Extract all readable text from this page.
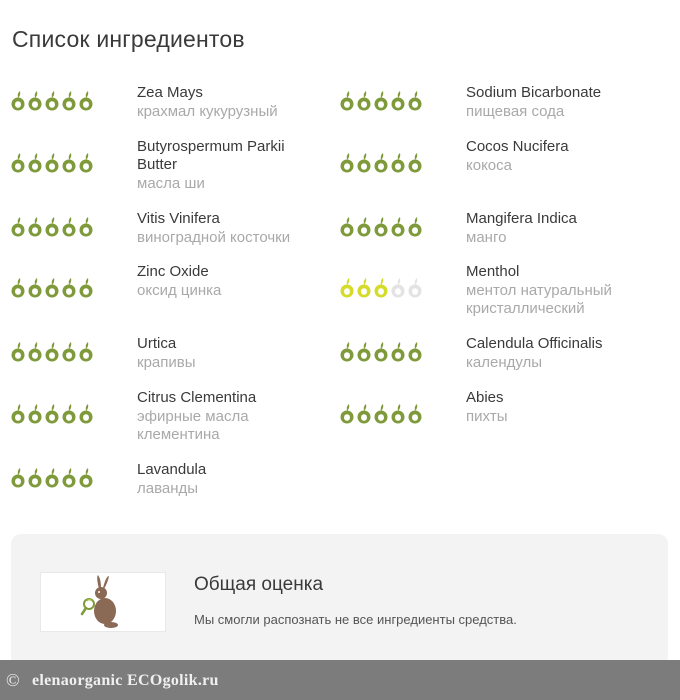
Список ингредиентов
Zea Mays
крахмал кукурузный
Sodium Bicarbonate
пищевая сода
Butyrospermum Parkii Butter
масла ши
Cocos Nucifera
кокоса
Vitis Vinifera
виноградной косточки
Mangifera Indica
манго
Zinc Oxide
оксид цинка
Menthol
ментол натуральный кристаллический
Urtica
крапивы
Calendula Officinalis
календулы
Citrus Clementina
эфирные масла клементина
Abies
пихты
Lavandula
лаванды
Общая оценка
Мы смогли распознать не все ингредиенты средства.
© elenaorganic ECOgolik.ru
